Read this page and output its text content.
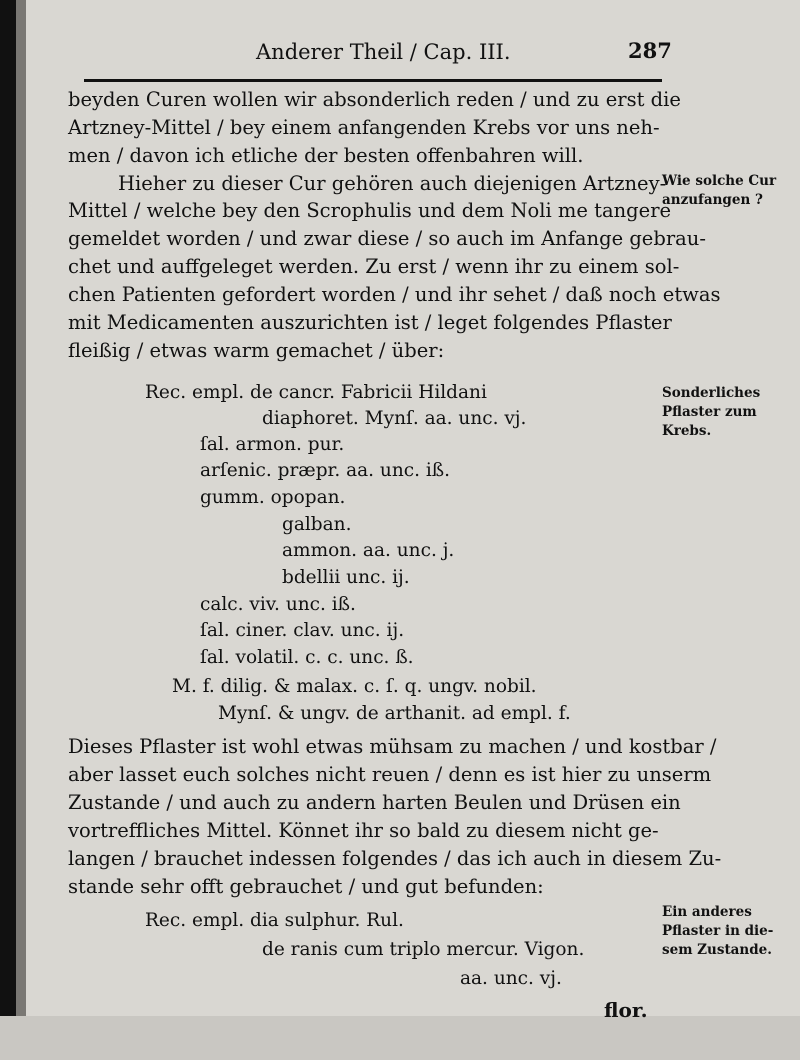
Anderer Theil / Cap. III.	287
beyden Curen wollen wir absonderlich reden / und zu erst die
Artzney-Mittel / bey einem anfangenden Krebs vor uns neh-
men / davon ich etliche der besten offenbahren will.
Hieher zu dieser Cur gehören auch diejenigen Artzney-
Mittel / welche bey den Scrophulis und dem Noli me tangere
gemeldet worden / und zwar diese / so auch im Anfange gebrau-
chet und auffgeleget werden. Zu erst / wenn ihr zu einem sol-
chen Patienten gefordert worden / und ihr sehet / daß noch etwas
mit Medicamenten auszurichten ist / leget folgendes Pflaster
fleißig / etwas warm gemachet / über:
Rec. empl. de cancr. Fabricii Hildani
diaphoret. Mynſ. aa. unc. vj.
ſal. armon. pur.
arſenic. præpr. aa. unc. iß.
gumm. opopan.
galban.
ammon. aa. unc. j.
bdellii unc. ij.
calc. viv. unc. iß.
ſal. ciner. clav. unc. ij.
ſal. volatil. c. c. unc. ß.
M. f. dilig. & malax. c. ſ. q. ungv. nobil.
Mynſ. & ungv. de arthanit. ad empl. f.
Dieses Pflaster ist wohl etwas mühsam zu machen / und kostbar /
aber lasset euch solches nicht reuen / denn es ist hier zu unserm
Zustande / und auch zu andern harten Beulen und Drüsen ein
vortreffliches Mittel. Könnet ihr so bald zu diesem nicht ge-
langen / brauchet indessen folgendes / das ich auch in diesem Zu-
stande sehr offt gebrauchet / und gut befunden:
Rec. empl. dia sulphur. Rul.
de ranis cum triplo mercur. Vigon.
aa. unc. vj.
flor.
Wie solche Cur
anzufangen ?
Sonderliches
Pflaster zum
Krebs.
Ein anderes
Pflaster in die-
sem Zustande.
